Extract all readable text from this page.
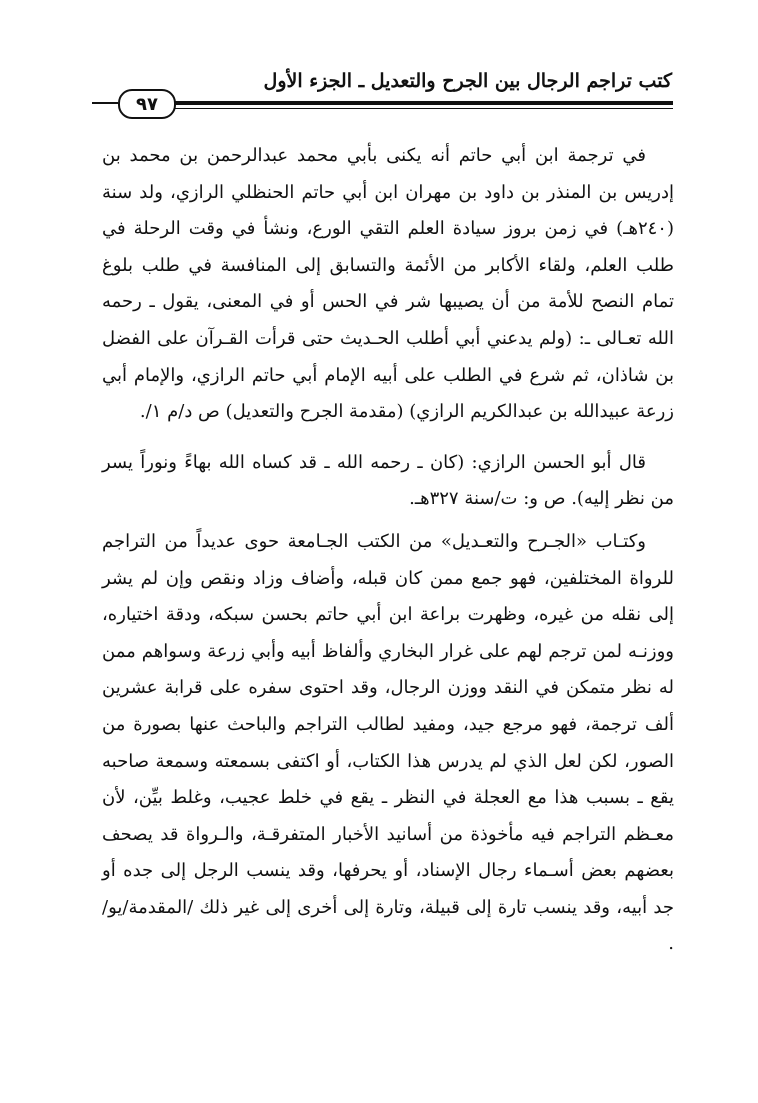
كتب تراجم الرجال بين الجرح والتعديل ـ الجزء الأول
٩٧

في ترجمة ابن أبي حاتم أنه يكنى بأبي محمد عبدالرحمن بن محمد بن إدريس بن المنذر بن داود بن مهران ابن أبي حاتم الحنظلي الرازي، ولد سنة (٢٤٠هـ) في زمن بروز سيادة العلم التقي الورع، ونشأ في وقت الرحلة في طلب العلم، ولقاء الأكابر من الأئمة والتسابق إلى المنافسة في طلب بلوغ تمام النصح للأمة من أن يصيبها شر في الحس أو في المعنى، يقول ـ رحمه الله تعـالى ـ: (ولم يدعني أبي أطلب الحـديث حتى قرأت القـرآن على الفضل بن شاذان، ثم شرع في الطلب على أبيه الإمام أبي حاتم الرازي، والإمام أبي زرعة عبيدالله بن عبدالكريم الرازي) (مقدمة الجرح والتعديل) ص د/م ١/.

قال أبو الحسن الرازي: (كان ـ رحمه الله ـ قد كساه الله بهاءً ونوراً يسر من نظر إليه). ص و: ت/سنة ٣٢٧هـ.

وكتـاب «الجـرح والتعـديل» من الكتب الجـامعة حوى عديداً من التراجم للرواة المختلفين، فهو جمع ممن كان قبله، وأضاف وزاد ونقص وإن لم يشر إلى نقله من غيره، وظهرت براعة ابن أبي حاتم بحسن سبكه، ودقة اختياره، ووزنـه لمن ترجم لهم على غرار البخاري وألفاظ أبيه وأبي زرعة وسواهم ممن له نظر متمكن في النقد ووزن الرجال، وقد احتوى سفره على قرابة عشرين ألف ترجمة، فهو مرجع جيد، ومفيد لطالب التراجم والباحث عنها بصورة من الصور، لكن لعل الذي لم يدرس هذا الكتاب، أو اكتفى بسمعته وسمعة صاحبه يقع ـ بسبب هذا مع العجلة في النظر ـ يقع في خلط عجيب، وغلط بيِّن، لأن معـظم التراجم فيه مأخوذة من أسانيد الأخبار المتفرقـة، والـرواة قد يصحف بعضهم بعض أسـماء رجال الإسناد، أو يحرفها، وقد ينسب الرجل إلى جده أو جد أبيه، وقد ينسب تارة إلى قبيلة، وتارة إلى أخرى إلى غير ذلك /المقدمة/يو/ .
